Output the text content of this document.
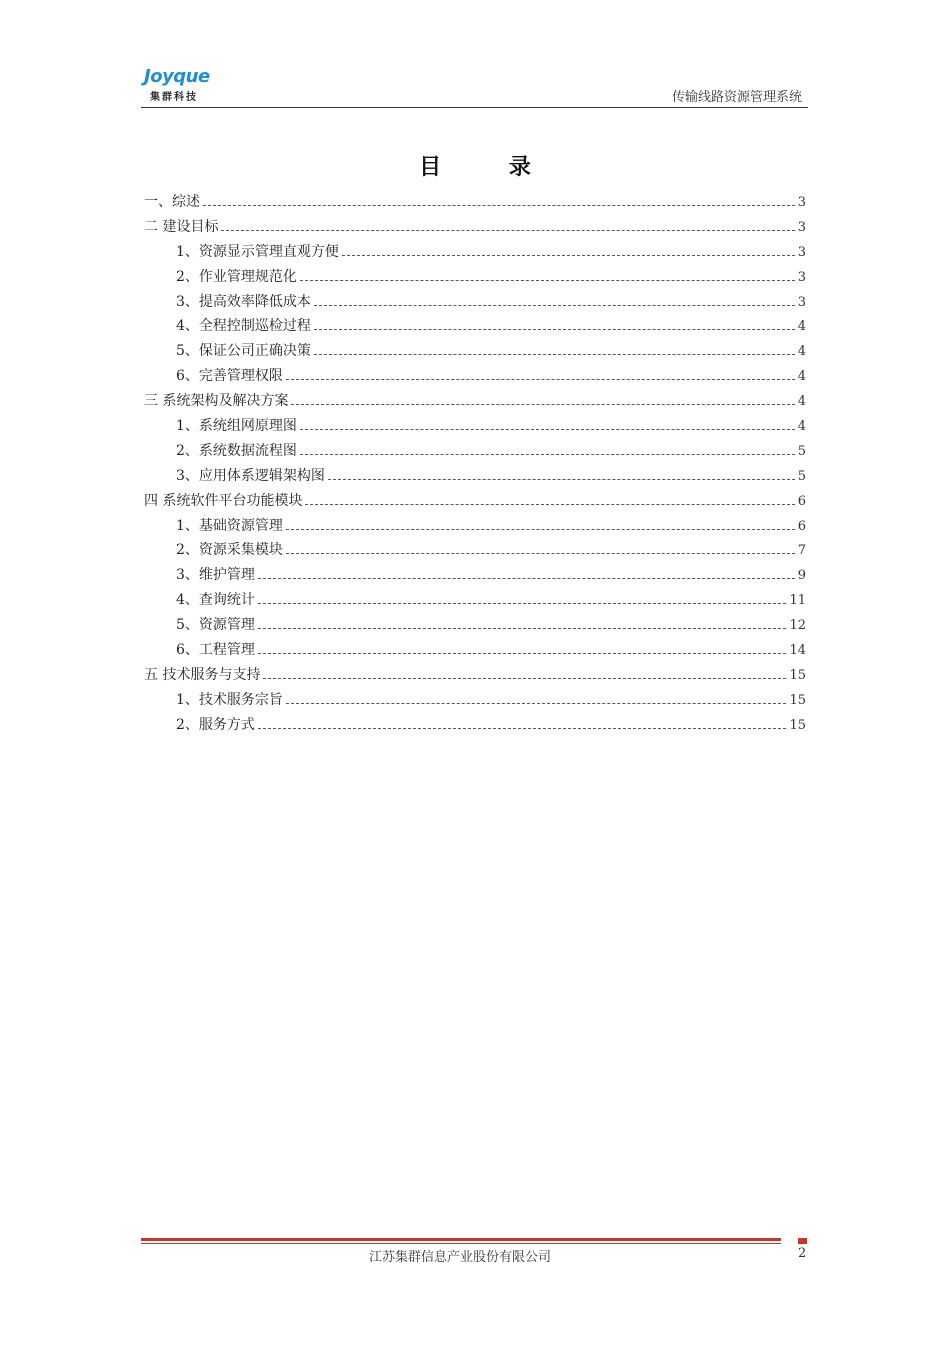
Joyque
集群科技	传输线路资源管理系统
目 录
一、综述	3
二 建设目标	3
1、资源显示管理直观方便	3
2、作业管理规范化	3
3、提高效率降低成本	3
4、全程控制巡检过程	4
5、保证公司正确决策	4
6、完善管理权限	4
三 系统架构及解决方案	4
1、系统组网原理图	4
2、系统数据流程图	5
3、应用体系逻辑架构图	5
四 系统软件平台功能模块	6
1、基础资源管理	6
2、资源采集模块	7
3、维护管理	9
4、查询统计	11
5、资源管理	12
6、工程管理	14
五 技术服务与支持	15
1、技术服务宗旨	15
2、服务方式	15
江苏集群信息产业股份有限公司	2
